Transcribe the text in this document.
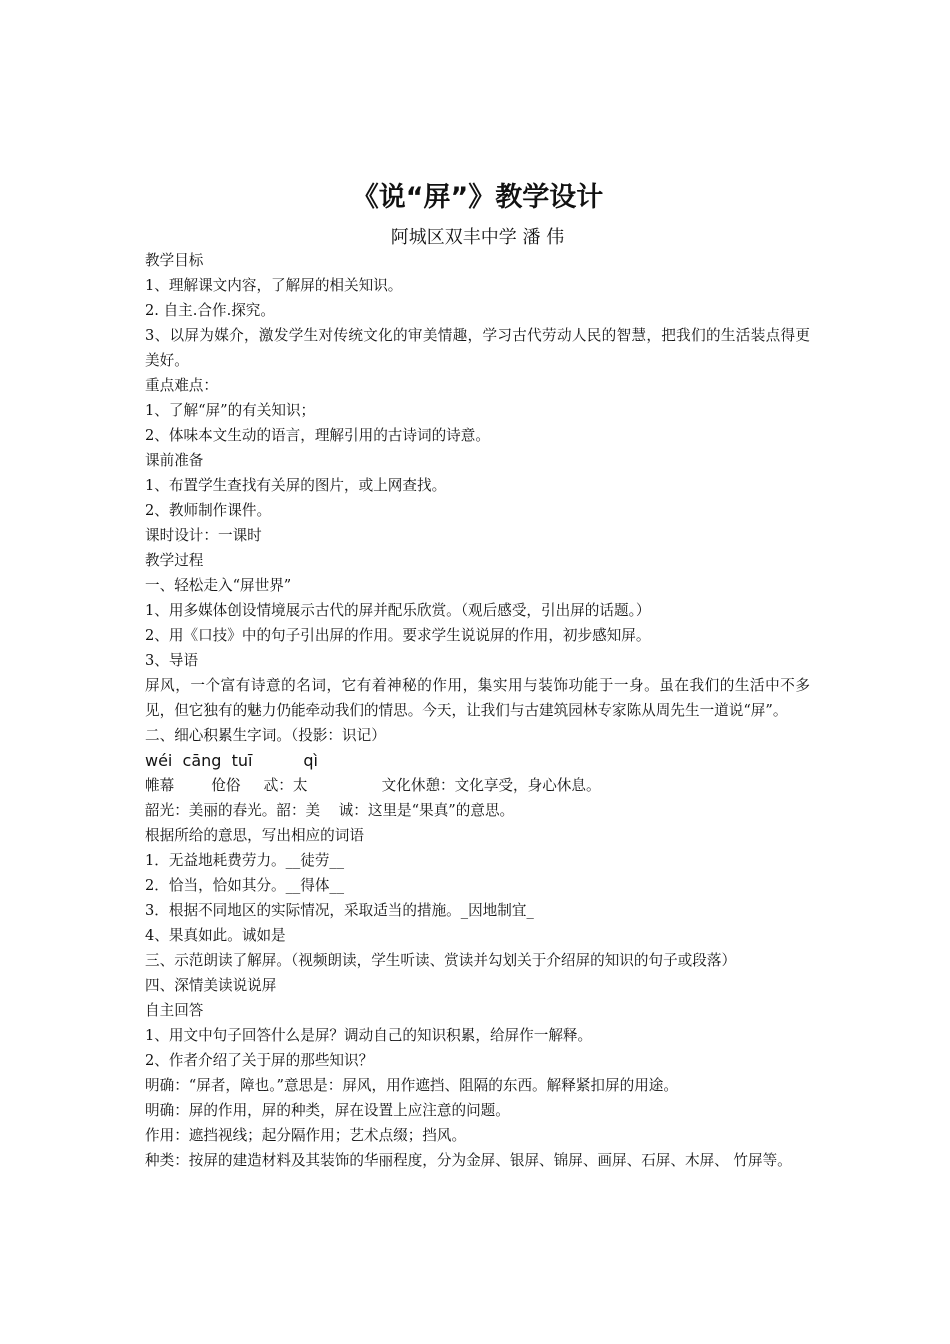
《说“屏”》教学设计
阿城区双丰中学 潘 伟
教学目标
1、理解课文内容，了解屏的相关知识。
2. 自主.合作.探究。
3、以屏为媒介，激发学生对传统文化的审美情趣，学习古代劳动人民的智慧，把我们的生活装点得更美好。
重点难点：
1、了解“屏”的有关知识；
2、体味本文生动的语言，理解引用的古诗词的诗意。
课前准备
1、布置学生查找有关屏的图片，或上网查找。
2、教师制作课件。
课时设计：一课时
教学过程
一、轻松走入“屏世界”
1、用多媒体创设情境展示古代的屏并配乐欣赏。（观后感受，引出屏的话题。）
2、用《口技》中的句子引出屏的作用。要求学生说说屏的作用，初步感知屏。
3、导语
屏风，一个富有诗意的名词，它有着神秘的作用，集实用与装饰功能于一身。虽在我们的生活中不多见，但它独有的魅力仍能牵动我们的情思。今天，让我们与古建筑园林专家陈从周先生一道说“屏”。
二、细心积累生字词。（投影：识记）
wéi  cāng  tuī          qì
帷幕        伧俗     忒：太                文化休憩：文化享受，身心休息。
韶光：美丽的春光。韶：美    诚：这里是“果真”的意思。
根据所给的意思，写出相应的词语
1．无益地耗费劳力。__徒劳__
2．恰当，恰如其分。__得体__
3．根据不同地区的实际情况，采取适当的措施。_因地制宜_
4、果真如此。诚如是
三、示范朗读了解屏。（视频朗读，学生听读、赏读并勾划关于介绍屏的知识的句子或段落）
四、深情美读说说屏
自主回答
1、用文中句子回答什么是屏？调动自己的知识积累，给屏作一解释。
2、作者介绍了关于屏的那些知识？
明确：“屏者，障也。”意思是：屏风，用作遮挡、阻隔的东西。解释紧扣屏的用途。
明确：屏的作用，屏的种类，屏在设置上应注意的问题。
作用：遮挡视线；起分隔作用；艺术点缀；挡风。
种类：按屏的建造材料及其装饰的华丽程度，分为金屏、银屏、锦屏、画屏、石屏、木屏、 竹屏等。
